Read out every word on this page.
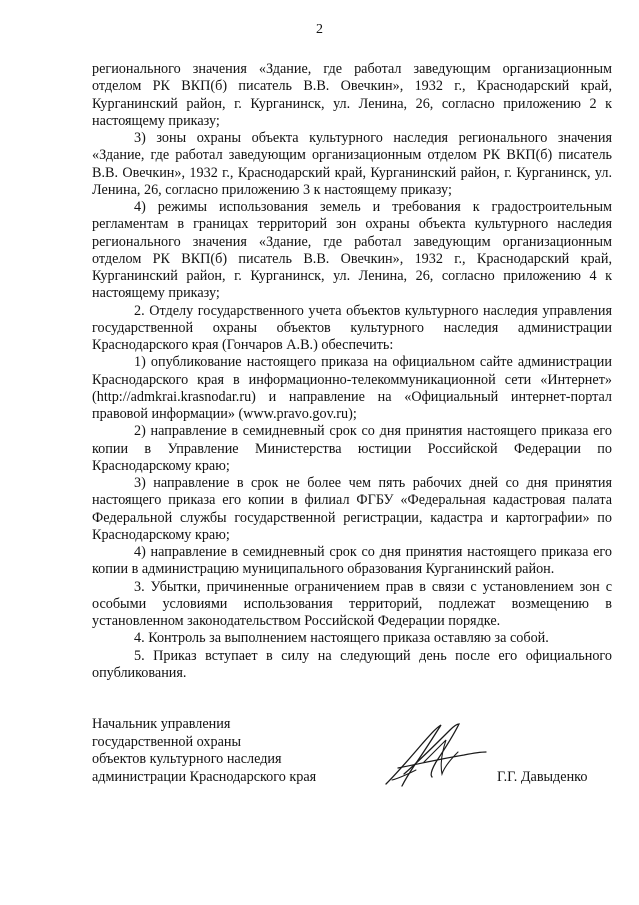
2

регионального значения «Здание, где работал заведующим организационным отделом РК ВКП(б) писатель В.В. Овечкин», 1932 г., Краснодарский край, Курганинский район, г. Курганинск, ул. Ленина, 26, согласно приложению 2 к настоящему приказу;

3) зоны охраны объекта культурного наследия регионального значения «Здание, где работал заведующим организационным отделом РК ВКП(б) писатель В.В. Овечкин», 1932 г., Краснодарский край, Курганинский район, г. Курганинск, ул. Ленина, 26, согласно приложению 3 к настоящему приказу;

4) режимы использования земель и требования к градостроительным регламентам в границах территорий зон охраны объекта культурного наследия регионального значения «Здание, где работал заведующим организационным отделом РК ВКП(б) писатель В.В. Овечкин», 1932 г., Краснодарский край, Курганинский район, г. Курганинск, ул. Ленина, 26, согласно приложению 4 к настоящему приказу;

2. Отделу государственного учета объектов культурного наследия управления государственной охраны объектов культурного наследия администрации Краснодарского края (Гончаров А.В.) обеспечить:

1) опубликование настоящего приказа на официальном сайте администрации Краснодарского края в информационно-телекоммуникационной сети «Интернет» (http://admkrai.krasnodar.ru) и направление на «Официальный интернет-портал правовой информации» (www.pravo.gov.ru);

2) направление в семидневный срок со дня принятия настоящего приказа его копии в Управление Министерства юстиции Российской Федерации по Краснодарскому краю;

3) направление в срок не более чем пять рабочих дней со дня принятия настоящего приказа его копии в филиал ФГБУ «Федеральная кадастровая палата Федеральной службы государственной регистрации, кадастра и картографии» по Краснодарскому краю;

4) направление в семидневный срок со дня принятия настоящего приказа его копии в администрацию муниципального образования Курганинский район.

3. Убытки, причиненные ограничением прав в связи с установлением зон с особыми условиями использования территорий, подлежат возмещению в установленном законодательством Российской Федерации порядке.

4. Контроль за выполнением настоящего приказа оставляю за собой.

5. Приказ вступает в силу на следующий день после его официального опубликования.

Начальник управления
государственной охраны
объектов культурного наследия
администрации Краснодарского края	Г.Г. Давыденко
